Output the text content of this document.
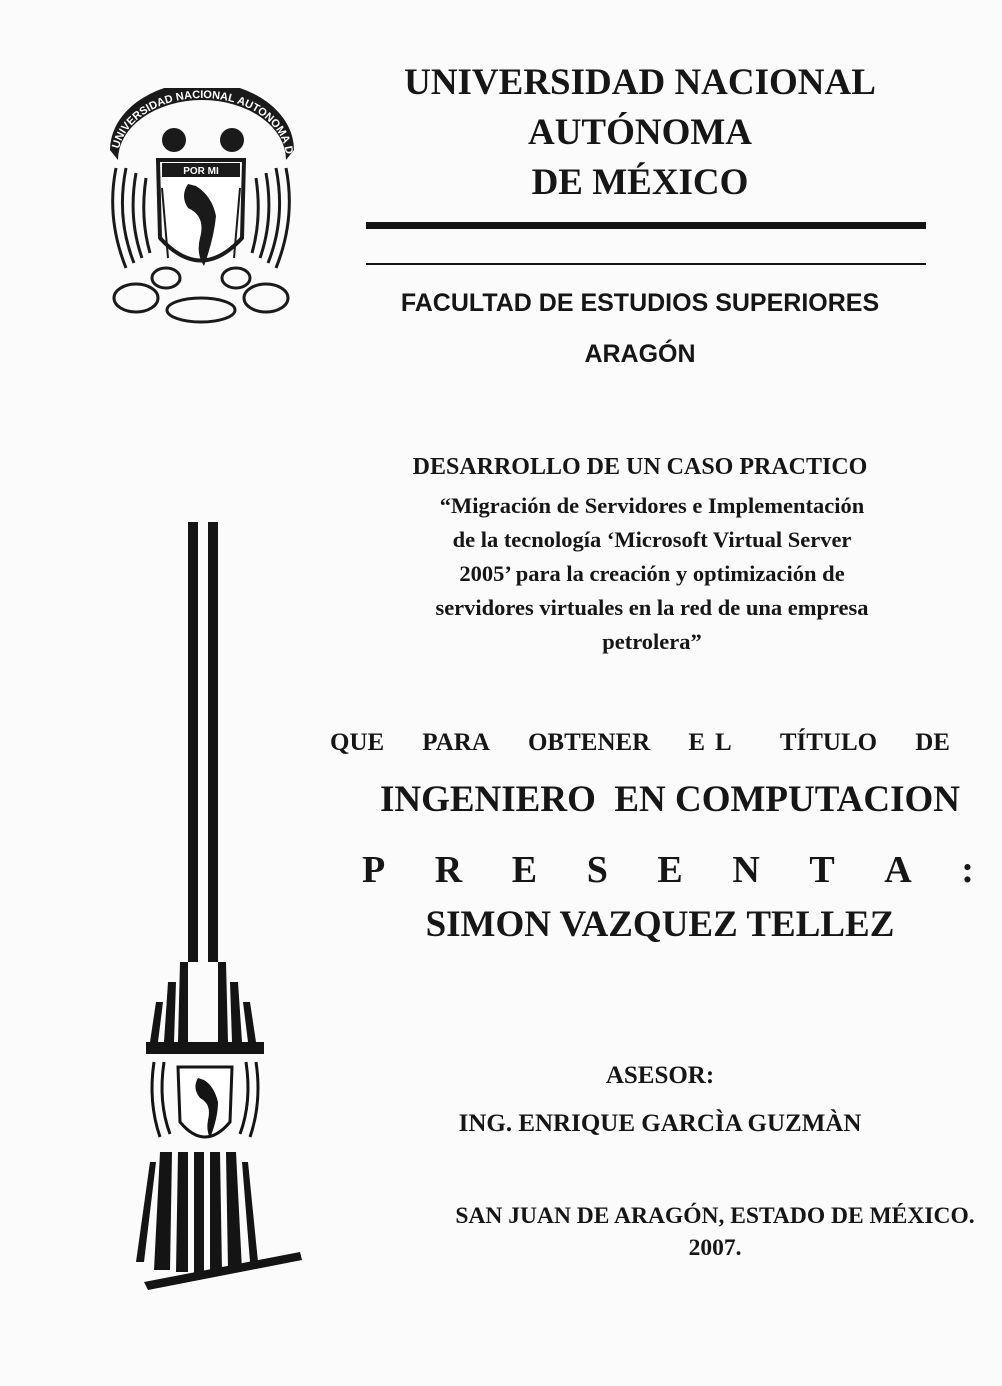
UNIVERSIDAD NACIONAL AUTONOMA D
POR MI
UNIVERSIDAD NACIONAL
AUTÓNOMA
DE MÉXICO
FACULTAD DE ESTUDIOS SUPERIORES
ARAGÓN
DESARROLLO DE UN CASO PRACTICO
“Migración de Servidores e Implementación
de la tecnología ‘Microsoft Virtual Server
2005’ para la creación y optimización de
servidores virtuales en la red de una empresa
petrolera”
QUE PARA OBTENER EL TÍTULO DE
INGENIERO  EN COMPUTACION
P R E S E N T A :
SIMON VAZQUEZ TELLEZ
ASESOR:
ING. ENRIQUE GARCÌA GUZMÀN
SAN JUAN DE ARAGÓN, ESTADO DE MÉXICO.
2007.
